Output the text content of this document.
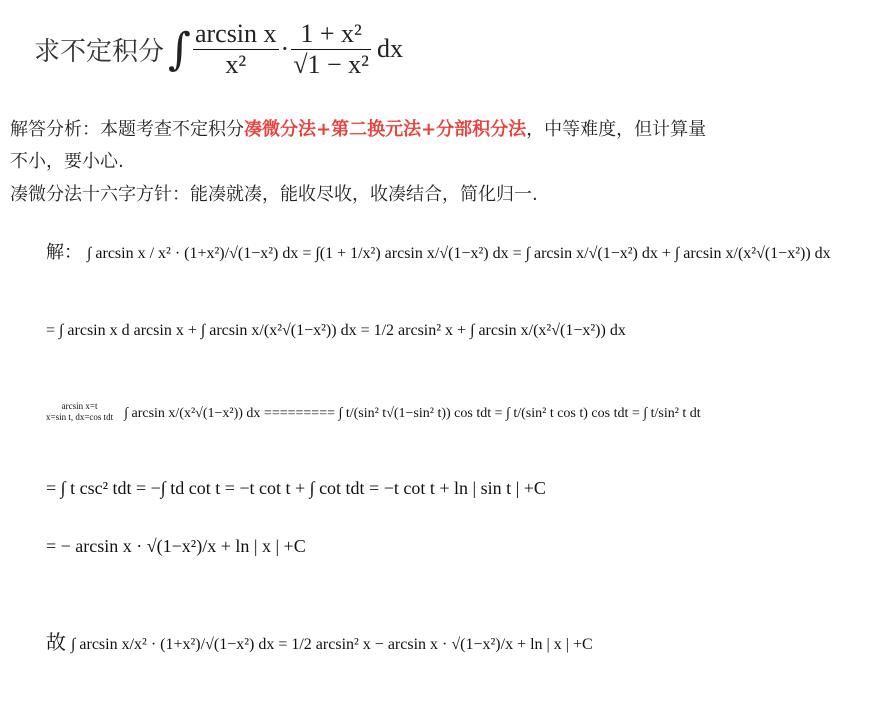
求不定积分 ∫ $\frac{\text{arcsin x}}{\text{x²}} \cdot \frac{\text{1 + x²}}{\text{√1 − x²}}$ dx
解答分析：本题考查不定积分凑微分法+第二换元法+分部积分法，中等难度，但计算量
不小，要小心.
凑微分法十六字方针：能凑就凑，能收尽收，收凑结合，简化归一.
解： ∫ arcsin x / x² · (1+x²)/√(1−x²) dx = ∫(1 + 1/x²) arcsin x/√(1−x²) dx = ∫ arcsin x/√(1−x²) dx + ∫ arcsin x/(x²√(1−x²)) dx
= ∫ arcsin x d arcsin x + ∫ arcsin x/(x²√(1−x²)) dx = 1/2 arcsin² x + ∫ arcsin x/(x²√(1−x²)) dx
arcsin x=t
x=sin t, dx=cos tdt ∫ arcsin x/(x²√(1−x²)) dx ========= ∫ t/(sin² t√(1−sin² t)) cos tdt = ∫ t/(sin² t cos t) cos tdt = ∫ t/sin² t dt
= ∫ t csc² tdt = −∫ td cot t = −t cot t + ∫ cot tdt = −t cot t + ln | sin t | +C
= − arcsin x · √(1−x²)/x + ln | x | +C
故 ∫ arcsin x/x² · (1+x²)/√(1−x²) dx = 1/2 arcsin² x − arcsin x · √(1−x²)/x + ln | x | +C
